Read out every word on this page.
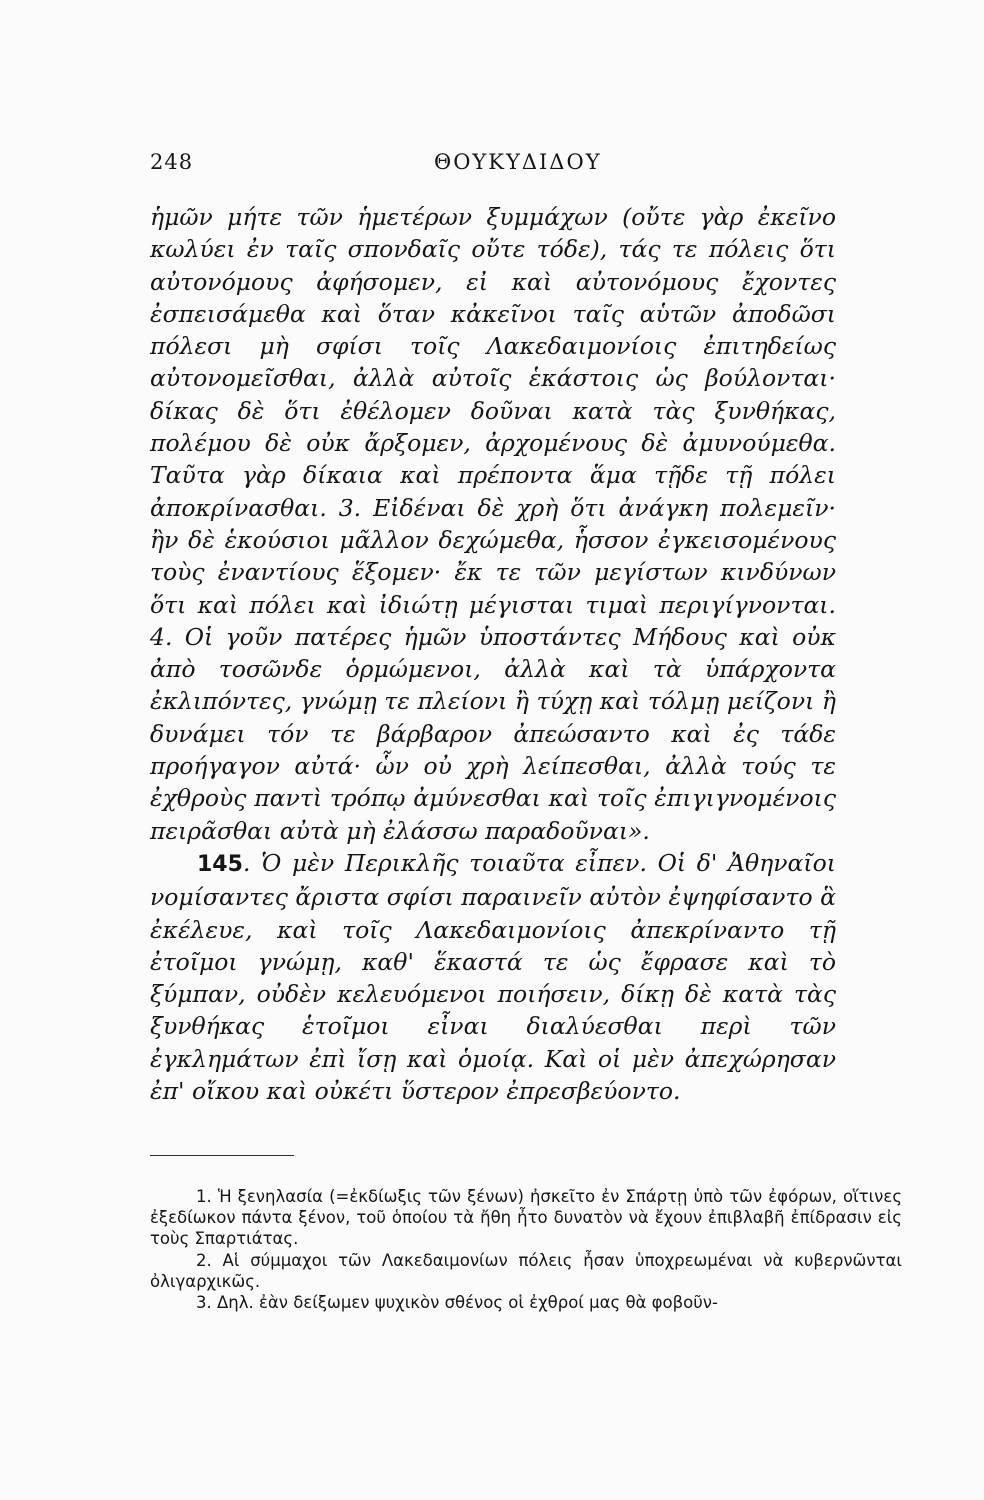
248	ΘΟΥΚΥΔΙΔΟΥ

ἡμῶν μήτε τῶν ἡμετέρων ξυμμάχων (οὔτε γὰρ ἐκεῖνο κωλύει ἐν ταῖς σπονδαῖς οὔτε τόδε), τάς τε πόλεις ὅτι αὐτονόμους ἀφήσομεν, εἰ καὶ αὐτονόμους ἔχοντες ἐσπεισάμεθα καὶ ὅταν κἀκεῖνοι ταῖς αὑτῶν ἀποδῶσι πόλεσι μὴ σφίσι τοῖς Λακεδαιμονίοις ἐπιτηδείως αὐτονομεῖσθαι, ἀλλὰ αὐτοῖς ἑκάστοις ὡς βούλονται· δίκας δὲ ὅτι ἐθέλομεν δοῦναι κατὰ τὰς ξυνθήκας, πολέμου δὲ οὐκ ἄρξομεν, ἀρχομένους δὲ ἀμυνούμεθα. Ταῦτα γὰρ δίκαια καὶ πρέποντα ἅμα τῇδε τῇ πόλει ἀποκρίνασθαι. 3. Εἰδέναι δὲ χρὴ ὅτι ἀνάγκη πολεμεῖν· ἢν δὲ ἑκούσιοι μᾶλλον δεχώμεθα, ἧσσον ἐγκεισομένους τοὺς ἐναντίους ἕξομεν· ἔκ τε τῶν μεγίστων κινδύνων ὅτι καὶ πόλει καὶ ἰδιώτῃ μέγισται τιμαὶ περιγίγνονται. 4. Οἱ γοῦν πατέρες ἡμῶν ὑποστάντες Μήδους καὶ οὐκ ἀπὸ τοσῶνδε ὁρμώμενοι, ἀλλὰ καὶ τὰ ὑπάρχοντα ἐκλιπόντες, γνώμῃ τε πλείονι ἢ τύχῃ καὶ τόλμῃ μείζονι ἢ δυνάμει τόν τε βάρβαρον ἀπεώσαντο καὶ ἐς τάδε προήγαγον αὐτά· ὧν οὐ χρὴ λείπεσθαι, ἀλλὰ τούς τε ἐχθροὺς παντὶ τρόπῳ ἀμύνεσθαι καὶ τοῖς ἐπιγιγνομένοις πειρᾶσθαι αὐτὰ μὴ ἐλάσσω παραδοῦναι».

  145. Ὁ μὲν Περικλῆς τοιαῦτα εἶπεν. Οἱ δ' Ἀθηναῖοι νομίσαντες ἄριστα σφίσι παραινεῖν αὐτὸν ἐψηφίσαντο ἃ ἐκέλευε, καὶ τοῖς Λακεδαιμονίοις ἀπεκρίναντο τῇ ἐτοῖμοι γνώμῃ, καθ' ἕκαστά τε ὡς ἔφρασε καὶ τὸ ξύμπαν, οὐδὲν κελευόμενοι ποιήσειν, δίκῃ δὲ κατὰ τὰς ξυνθήκας ἑτοῖμοι εἶναι διαλύεσθαι περὶ τῶν ἐγκλημάτων ἐπὶ ἴσῃ καὶ ὁμοίᾳ. Καὶ οἱ μὲν ἀπεχώρησαν ἐπ' οἴκου καὶ οὐκέτι ὕστερον ἐπρεσβεύοντο.

1. Ἡ ξενηλασία (=ἐκδίωξις τῶν ξένων) ἠσκεῖτο ἐν Σπάρτῃ ὑπὸ τῶν ἐφόρων, οἵτινες ἐξεδίωκον πάντα ξένον, τοῦ ὁποίου τὰ ἤθη ἦτο δυνατὸν νὰ ἔχουν ἐπιβλαβῆ ἐπίδρασιν εἰς τοὺς Σπαρτιάτας.

2. Αἱ σύμμαχοι τῶν Λακεδαιμονίων πόλεις ἦσαν ὑποχρεωμέναι νὰ κυβερνῶνται ὀλιγαρχικῶς.

3. Δηλ. ἐὰν δείξωμεν ψυχικὸν σθένος οἱ ἐχθροί μας θὰ φοβοῦν-
